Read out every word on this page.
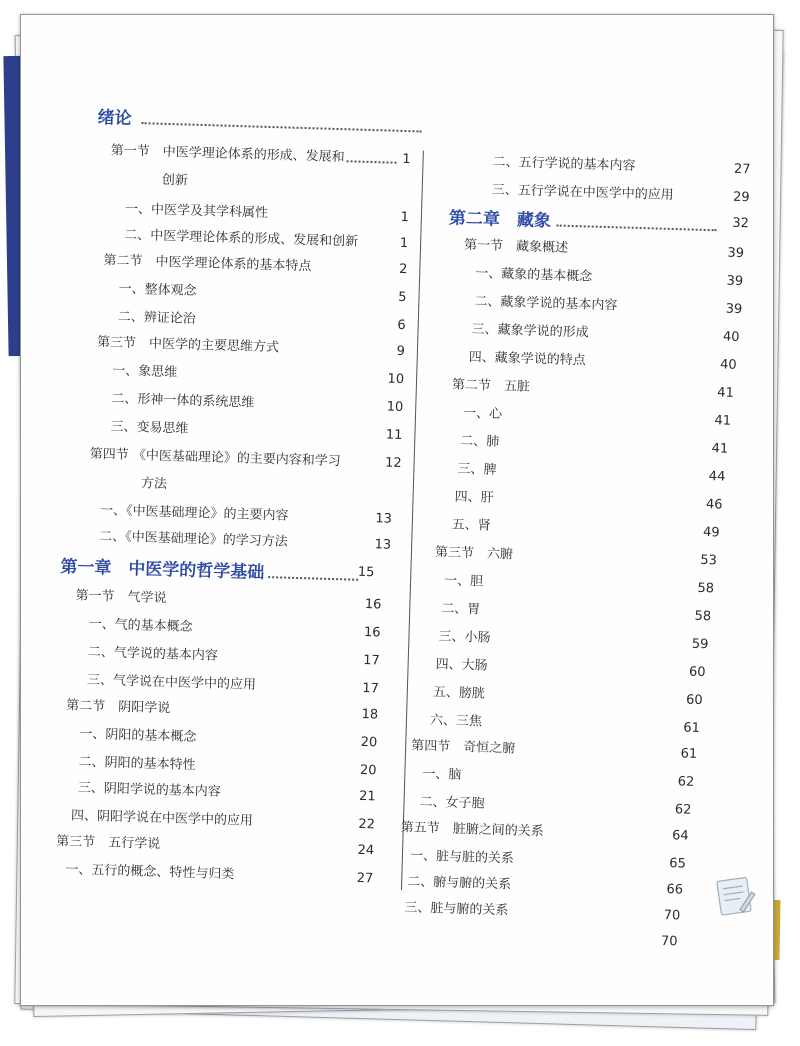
绪论
第一节　中医学理论体系的形成、发展和	1
创新
一、中医学及其学科属性	1
二、中医学理论体系的形成、发展和创新	1
第二节　中医学理论体系的基本特点	2
一、整体观念	5
二、辨证论治	6
第三节　中医学的主要思维方式	9
一、象思维	10
二、形神一体的系统思维	10
三、变易思维	11
第四节 《中医基础理论》的主要内容和学习	12
方法
一、《中医基础理论》的主要内容	13
二、《中医基础理论》的学习方法	13
第一章　中医学的哲学基础	15
第一节　气学说	16
一、气的基本概念	16
二、气学说的基本内容	17
三、气学说在中医学中的应用	17
第二节　阴阳学说	18
一、阴阳的基本概念	20
二、阴阳的基本特性	20
三、阴阳学说的基本内容	21
四、阴阳学说在中医学中的应用	22
第三节　五行学说	24
一、五行的概念、特性与归类	27
二、五行学说的基本内容	27
三、五行学说在中医学中的应用	29
第二章　藏象	32
第一节　藏象概述	39
一、藏象的基本概念	39
二、藏象学说的基本内容	39
三、藏象学说的形成	40
四、藏象学说的特点	40
第二节　五脏	41
一、心	41
二、肺	41
三、脾	44
四、肝	46
五、肾	49
第三节　六腑	53
一、胆	58
二、胃	58
三、小肠	59
四、大肠	60
五、膀胱	60
六、三焦	61
第四节　奇恒之腑	61
一、脑	62
二、女子胞	62
第五节　脏腑之间的关系	64
一、脏与脏的关系	65
二、腑与腑的关系	66
三、脏与腑的关系	70
70
